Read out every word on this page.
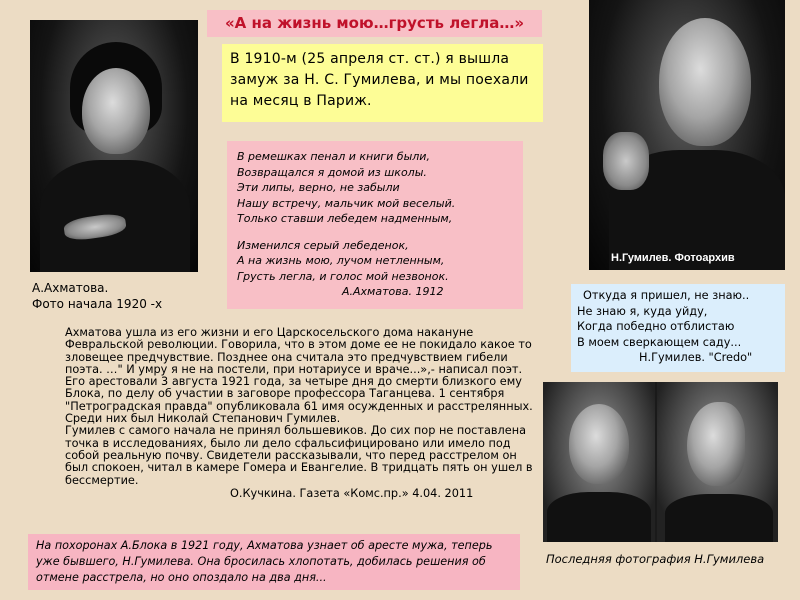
«А на жизнь мою…грусть легла…»
А.Ахматова.
Фото начала 1920 -х
В 1910-м (25 апреля ст. ст.) я вышла замуж за Н. С. Гумилева, и мы поехали на месяц в Париж.
В ремешках пенал и книги были,
Возвращался я домой из школы.
Эти липы, верно, не забыли
Нашу встречу, мальчик мой веселый.
Только ставши лебедем надменным,
Изменился серый лебеденок,
А на жизнь мою, лучом нетленным,
Грусть легла, и голос мой незвонок.
А.Ахматова. 1912
Н.Гумилев. Фотоархив
Откуда я пришел, не знаю..
Не знаю я, куда уйду,
Когда победно отблистаю
В моем сверкающем саду...
Н.Гумилев. "Credo"

Ахматова ушла из его жизни и его Царскосельского дома накануне Февральской революции. Говорила, что в этом доме ее не покидало какое то зловещее предчувствие. Позднее она считала это предчувствием гибели поэта. …" И умру я не на постели, при нотариусе и враче...»,- написал поэт. Его арестовали 3 августа 1921 года, за четыре дня до смерти близкого ему Блока, по делу об участии в заговоре профессора Таганцева. 1 сентября "Петроградская правда" опубликовала 61 имя осужденных и расстрелянных. Среди них был Николай Степанович Гумилев.

Гумилев с самого начала не принял большевиков. До сих пор не поставлена точка в исследованиях, было ли дело сфальсифицировано или имело под собой реальную почву. Свидетели рассказывали, что перед расстрелом он был спокоен, читал в камере Гомера и Евангелие. В тридцать пять он ушел в бессмертие.

О.Кучкина. Газета «Комс.пр.» 4.04. 2011

Последняя фотография Н.Гумилева
На похоронах А.Блока в 1921 году, Ахматова узнает об аресте мужа, теперь уже бывшего, Н.Гумилева. Она бросилась хлопотать, добилась решения об отмене расстрела, но оно опоздало на два дня...
